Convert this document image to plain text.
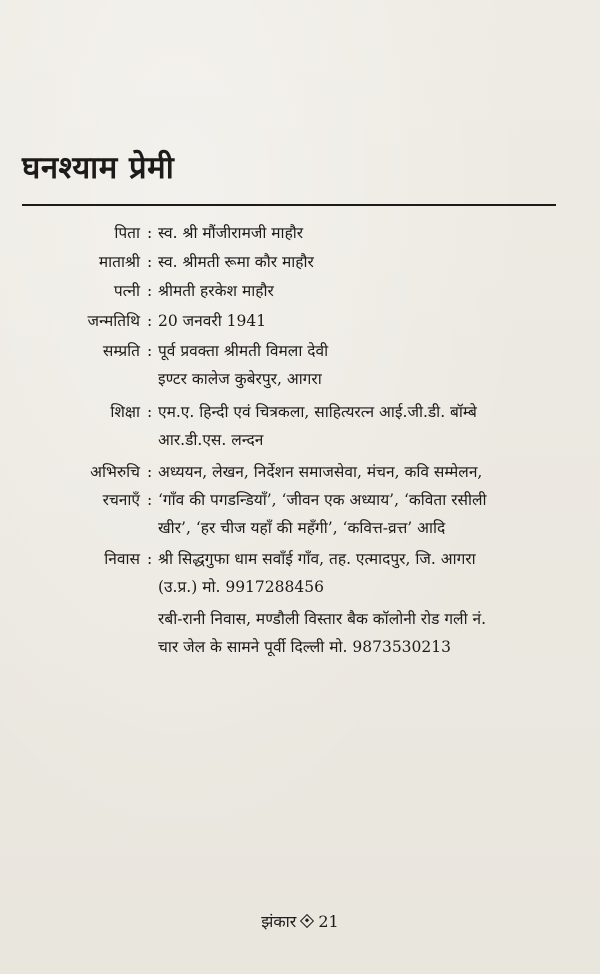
घनश्याम प्रेमी
पिता : स्व. श्री मौंजीरामजी माहौर
माताश्री : स्व. श्रीमती रूमा कौर माहौर
पत्नी : श्रीमती हरकेश माहौर
जन्मतिथि : 20 जनवरी 1941
सम्प्रति : पूर्व प्रवक्ता श्रीमती विमला देवी
इण्टर कालेज कुबेरपुर, आगरा
शिक्षा : एम.ए. हिन्दी एवं चित्रकला, साहित्यरत्न आई.जी.डी. बॉम्बे
आर.डी.एस. लन्दन
अभिरुचि : अध्ययन, लेखन, निर्देशन समाजसेवा, मंचन, कवि सम्मेलन,
रचनाएँ : ‘गाँव की पगडन्डियाँ’, ‘जीवन एक अध्याय’, ‘कविता रसीली
खीर’, ‘हर चीज यहाँ की महँगी’, ‘कवित्त-व्रत्त’ आदि
निवास : श्री सिद्धगुफा धाम सवाँई गाँव, तह. एत्मादपुर, जि. आगरा
(उ.प्र.) मो. 9917288456
रबी-रानी निवास, मण्डौली विस्तार बैक कॉलोनी रोड गली नं.
चार जेल के सामने पूर्वी दिल्ली मो. 9873530213
झंकार 21
